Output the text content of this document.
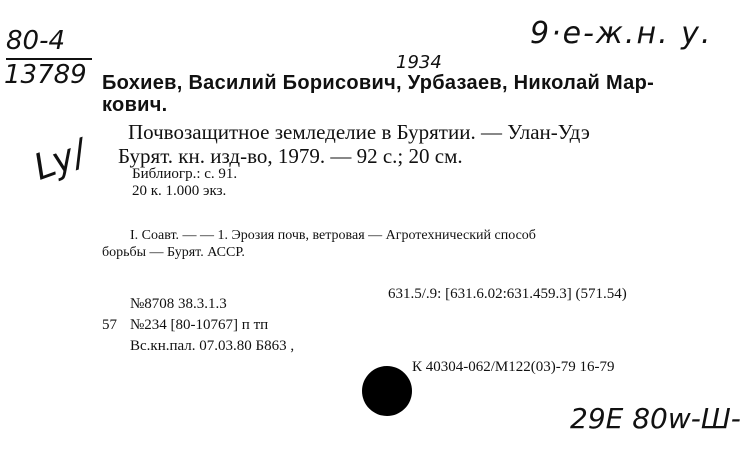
80-4
13789	1934
9·e-ж.н. у.
Ly/
29Е 80w-Ш-
Бохиев, Василий Борисович, Урбазаев, Николай Мар-
кович.
Почвозащитное земледелие в Бурятии. — Улан-Удэ
Бурят. кн. изд-во, 1979. — 92 с.; 20 см.
Библиогр.: с. 91.
20 к. 1.000 экз.
I. Соавт. — — 1. Эрозия почв, ветровая — Агротехнический способ
борьбы — Бурят. АССР.
631.5/.9: [631.6.02:631.459.3] (571.54)
№8708 38.3.1.3
57 №234 [80-10767] п тп
Вс.кн.пал. 07.03.80 Б863 ,
К 40304-062/М122(03)-79 16-79
